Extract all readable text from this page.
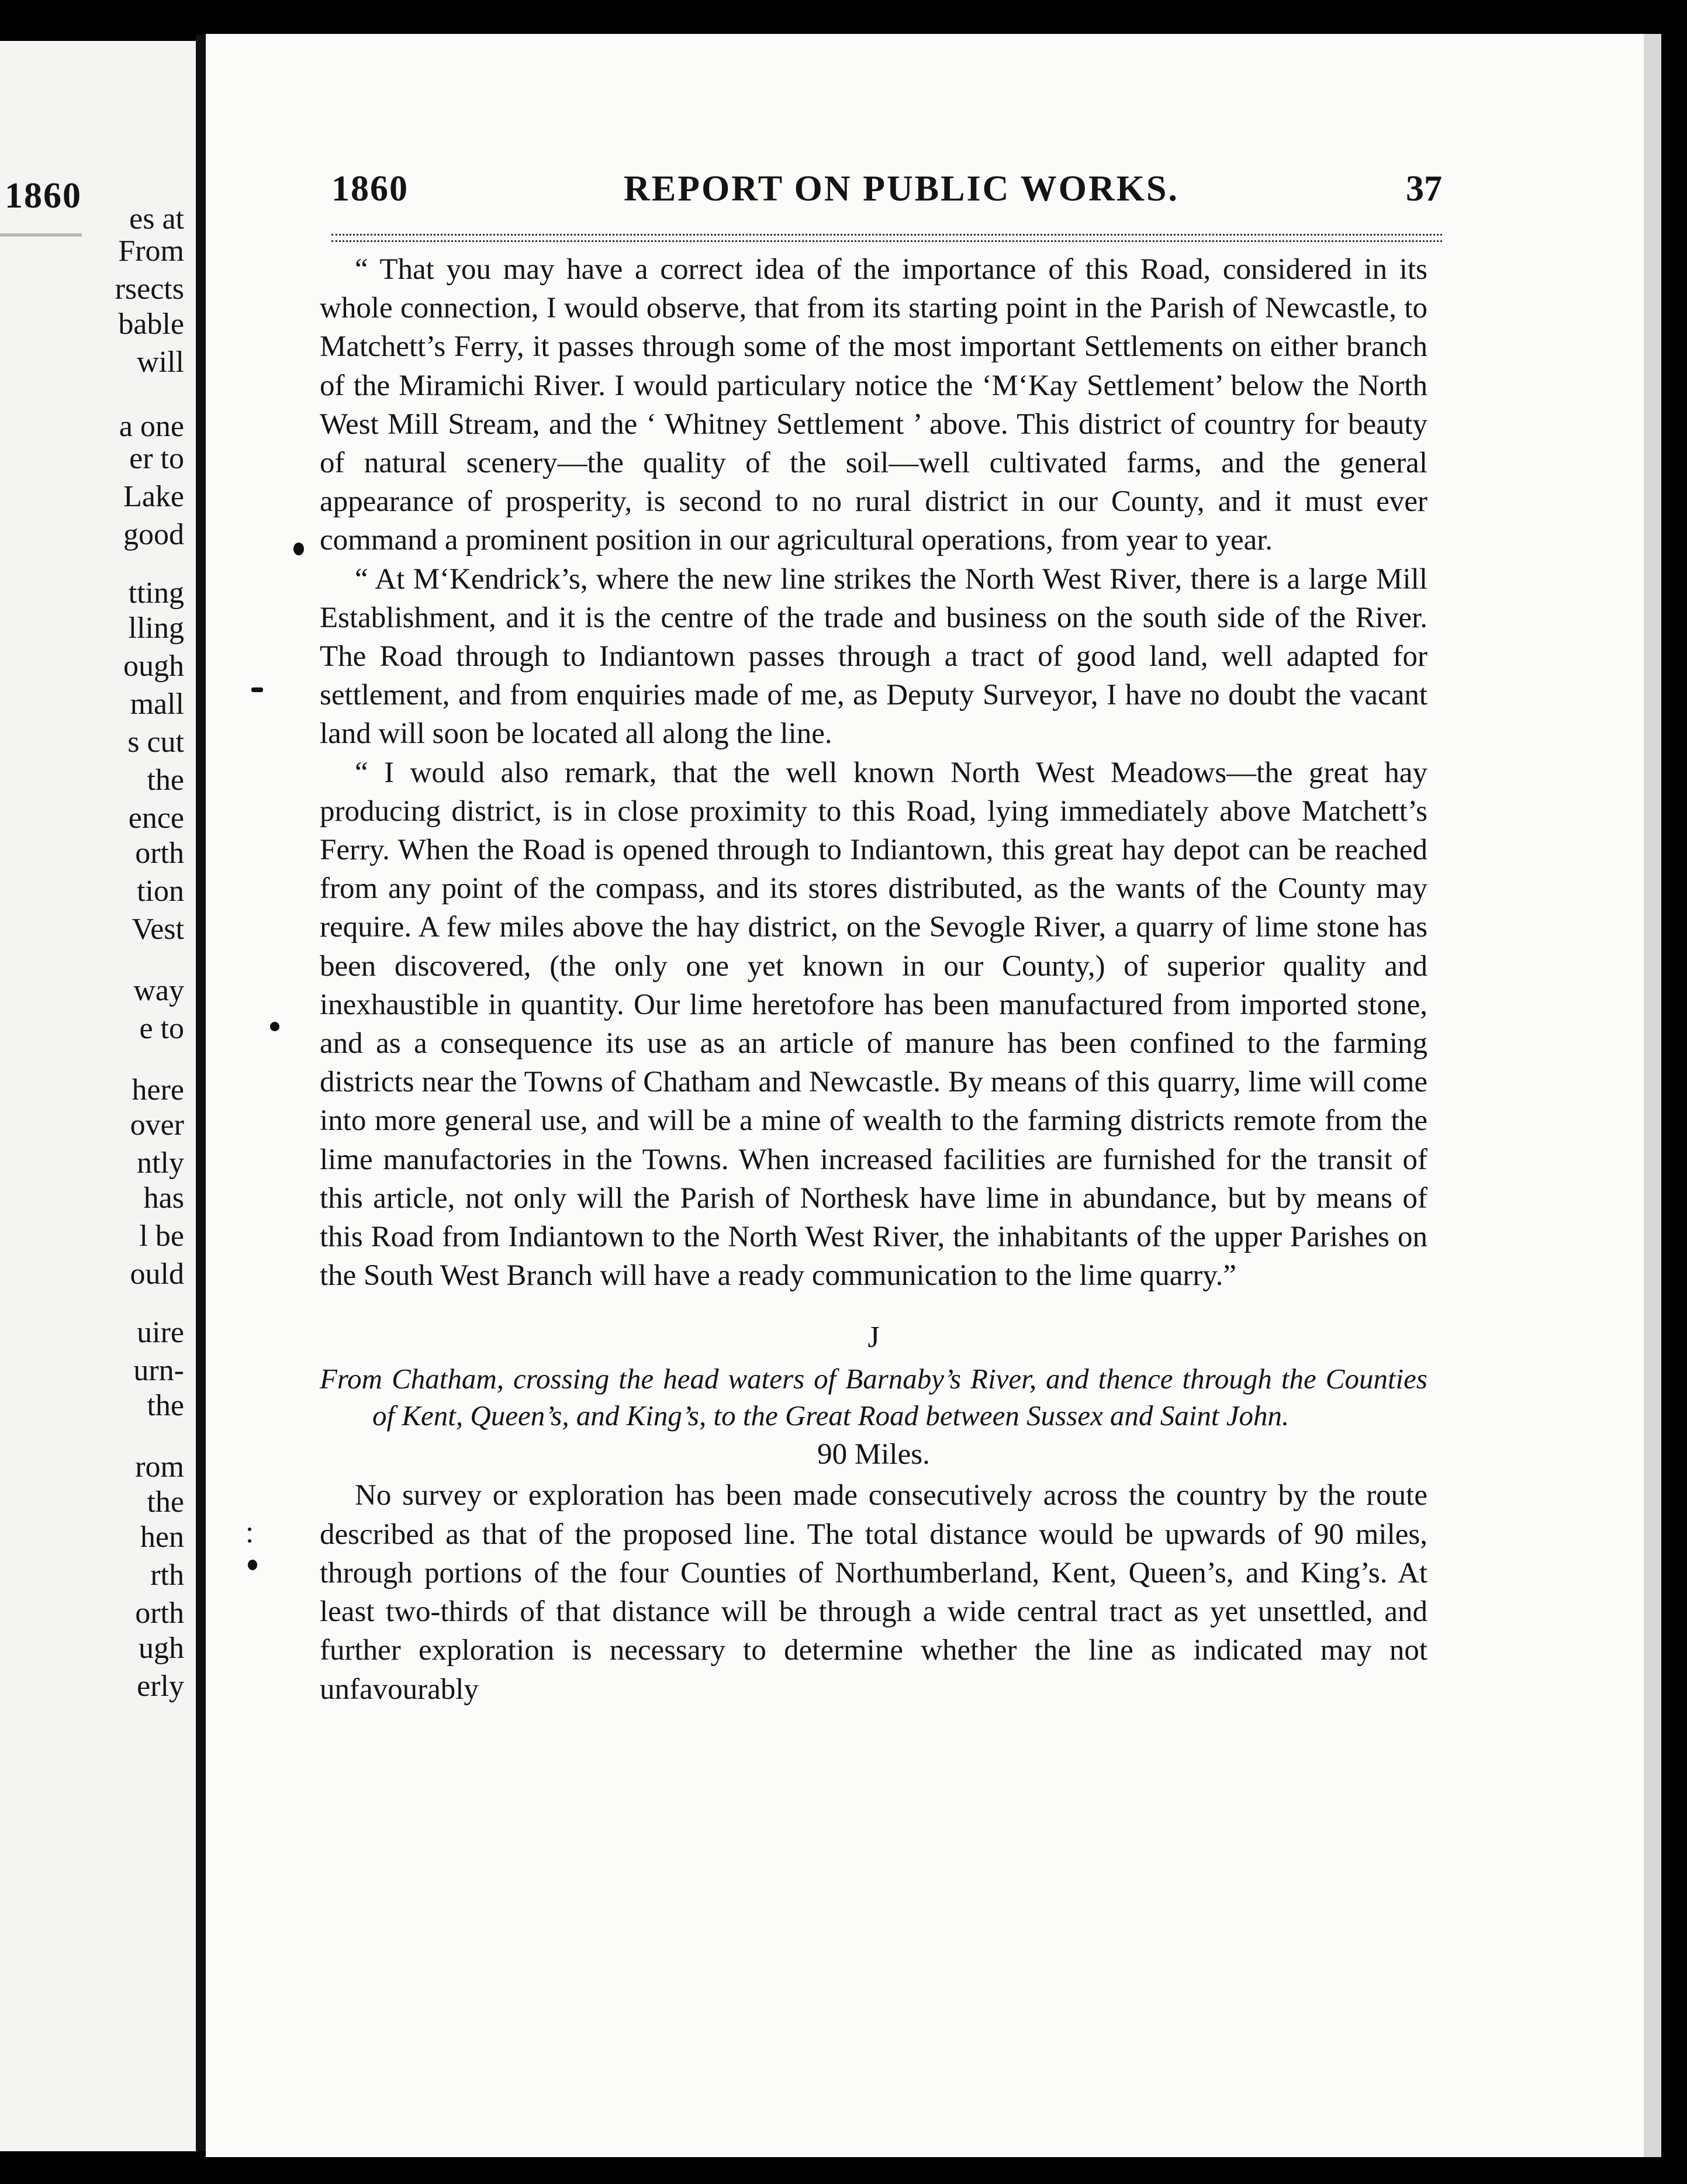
1860
es at
From
rsects
bable
will
a one
er to
Lake
good
tting
lling
ough
mall
s cut
the
ence
orth
tion
Vest
way
e to
here
over
ntly
has
l be
ould
uire
urn-
the
rom
the
hen
rth
orth
ugh
erly
1860	REPORT ON PUBLIC WORKS.	37

“ That you may have a correct idea of the importance of this Road, considered in its whole connection, I would observe, that from its starting point in the Parish of Newcastle, to Matchett’s Ferry, it passes through some of the most important Settlements on either branch of the Miramichi River. I would particulary notice the ‘M‘Kay Settlement’ below the North West Mill Stream, and the ‘ Whitney Settlement ’ above. This district of country for beauty of natural scenery—the quality of the soil—well cultivated farms, and the general appearance of prosperity, is second to no rural district in our County, and it must ever command a prominent position in our agricultural operations, from year to year.

“ At M‘Kendrick’s, where the new line strikes the North West River, there is a large Mill Establishment, and it is the centre of the trade and business on the south side of the River. The Road through to Indiantown passes through a tract of good land, well adapted for settlement, and from enquiries made of me, as Deputy Surveyor, I have no doubt the vacant land will soon be located all along the line.

“ I would also remark, that the well known North West Meadows—the great hay producing district, is in close proximity to this Road, lying immediately above Matchett’s Ferry. When the Road is opened through to Indiantown, this great hay depot can be reached from any point of the compass, and its stores distributed, as the wants of the County may require. A few miles above the hay district, on the Sevogle River, a quarry of lime stone has been discovered, (the only one yet known in our County,) of superior quality and inexhaustible in quantity. Our lime heretofore has been manufactured from imported stone, and as a consequence its use as an article of manure has been confined to the farming districts near the Towns of Chatham and Newcastle. By means of this quarry, lime will come into more general use, and will be a mine of wealth to the farming districts remote from the lime manufactories in the Towns. When increased facilities are furnished for the transit of this article, not only will the Parish of Northesk have lime in abundance, but by means of this Road from Indiantown to the North West River, the inhabitants of the upper Parishes on the South West Branch will have a ready communication to the lime quarry.”

J
From Chatham, crossing the head waters of Barnaby’s River, and thence through the Counties of Kent, Queen’s, and King’s, to the Great Road between Sussex and Saint John.
90 Miles.

No survey or exploration has been made consecutively across the country by the route described as that of the proposed line. The total distance would be upwards of 90 miles, through portions of the four Counties of Northumberland, Kent, Queen’s, and King’s. At least two-thirds of that distance will be through a wide central tract as yet unsettled, and further exploration is necessary to determine whether the line as indicated may not unfavourably
